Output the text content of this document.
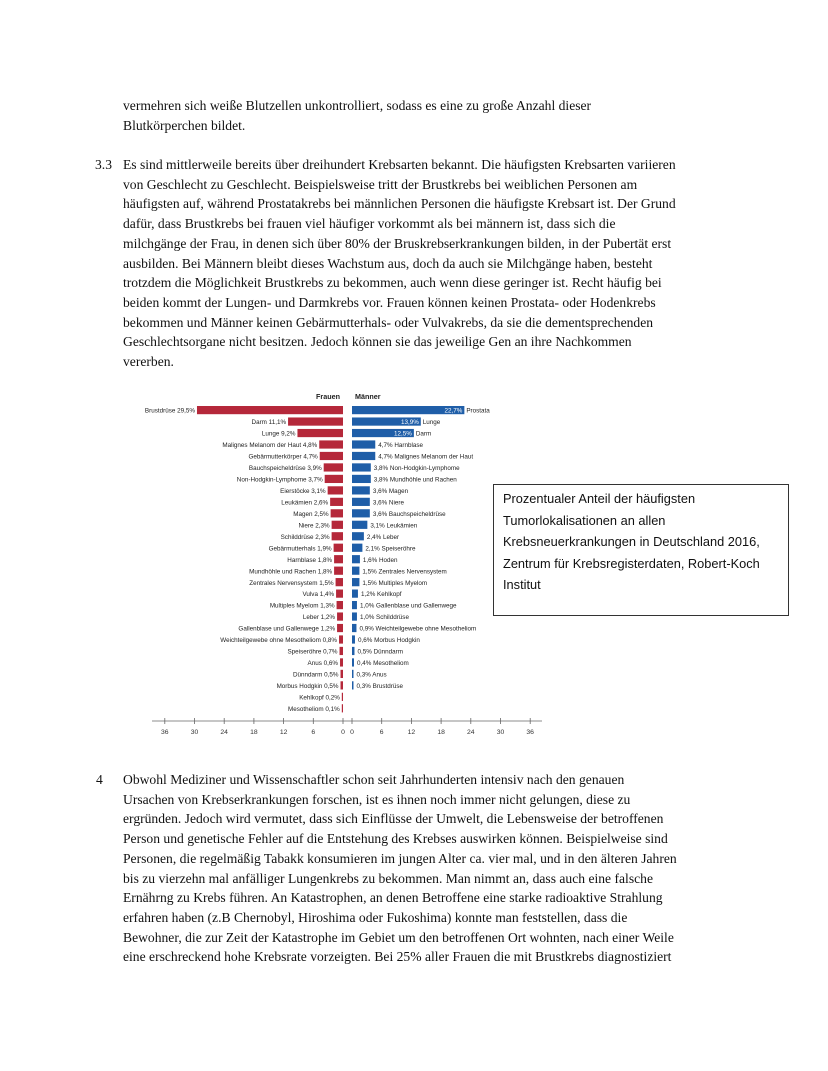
vermehren sich weiße Blutzellen unkontrolliert, sodass es eine zu große Anzahl dieser
Blutkörperchen bildet.
3.3 Es sind mittlerweile bereits über dreihundert Krebsarten bekannt. Die häufigsten Krebsarten variieren
von Geschlecht zu Geschlecht. Beispielsweise tritt der Brustkrebs bei weiblichen Personen am
häufigsten auf, während Prostatakrebs bei männlichen Personen die häufigste Krebsart ist. Der Grund
dafür, dass Brustkrebs bei frauen viel häufiger vorkommt als bei männern ist, dass sich die
milchgänge der Frau, in denen sich über 80% der Bruskrebserkrankungen bilden, in der Pubertät erst
ausbilden. Bei Männern bleibt dieses Wachstum aus, doch da auch sie Milchgänge haben, besteht
trotzdem die Möglichkeit Brustkrebs zu bekommen, auch wenn diese geringer ist. Recht häufig bei
beiden kommt der Lungen- und Darmkrebs vor. Frauen können keinen Prostata- oder Hodenkrebs
bekommen und Männer keinen Gebärmutterhals- oder Vulvakrebs, da sie die dementsprechenden
Geschlechtsorgane nicht besitzen. Jedoch können sie das jeweilige Gen an ihre Nachkommen
vererben.
Frauen Männer
Brustdrüse 29,5%
Darm 11,1%
Lunge 9,2%
Malignes Melanom der Haut 4,8%
Gebärmutterkörper 4,7%
Bauchspeicheldrüse 3,9%
Non-Hodgkin-Lymphome 3,7%
Eierstöcke 3,1%
Leukämien 2,6%
Magen 2,5%
Niere 2,3%
Schilddrüse 2,3%
Gebärmutterhals 1,9%
Harnblase 1,8%
Mundhöhle und Rachen 1,8%
Zentrales Nervensystem 1,5%
Vulva 1,4%
Multiples Myelom 1,3%
Leber 1,2%
Gallenblase und Gallenwege 1,2%
Weichteilgewebe ohne Mesotheliom 0,8%
Speiseröhre 0,7%
Anus 0,6%
Dünndarm 0,5%
Morbus Hodgkin 0,5%
Kehlkopf 0,2%
Mesotheliom 0,1%
22,7% Prostata
13,9% Lunge
12,5% Darm
4,7% Harnblase
4,7% Malignes Melanom der Haut
3,8% Non-Hodgkin-Lymphome
3,8% Mundhöhle und Rachen
3,6% Magen
3,6% Niere
3,6% Bauchspeicheldrüse
3,1% Leukämien
2,4% Leber
2,1% Speiseröhre
1,6% Hoden
1,5% Zentrales Nervensystem
1,5% Multiples Myelom
1,2% Kehlkopf
1,0% Gallenblase und Gallenwege
1,0% Schilddrüse
0,9% Weichteilgewebe ohne Mesotheliom
0,6% Morbus Hodgkin
0,5% Dünndarm
0,4% Mesotheliom
0,3% Anus
0,3% Brustdrüse
36	30	24	18	12	6	0 0	6	12	18	24	30	36
Prozentualer Anteil der häufigsten
Tumorlokalisationen an allen
Krebsneuerkrankungen in Deutschland 2016,
Zentrum für Krebsregisterdaten, Robert-Koch
Institut
4 Obwohl Mediziner und Wissenschaftler schon seit Jahrhunderten intensiv nach den genauen
Ursachen von Krebserkrankungen forschen, ist es ihnen noch immer nicht gelungen, diese zu
ergründen. Jedoch wird vermutet, dass sich Einflüsse der Umwelt, die Lebensweise der betroffenen
Person und genetische Fehler auf die Entstehung des Krebses auswirken können. Beispielweise sind
Personen, die regelmäßig Tabakk konsumieren im jungen Alter ca. vier mal, und in den älteren Jahren
bis zu vierzehn mal anfälliger Lungenkrebs zu bekommen. Man nimmt an, dass auch eine falsche
Ernährng zu Krebs führen. An Katastrophen, an denen Betroffene eine starke radioaktive Strahlung
erfahren haben (z.B Chernobyl, Hiroshima oder Fukoshima) konnte man feststellen, dass die
Bewohner, die zur Zeit der Katastrophe im Gebiet um den betroffenen Ort wohnten, nach einer Weile
eine erschreckend hohe Krebsrate vorzeigten. Bei 25% aller Frauen die mit Brustkrebs diagnostiziert
